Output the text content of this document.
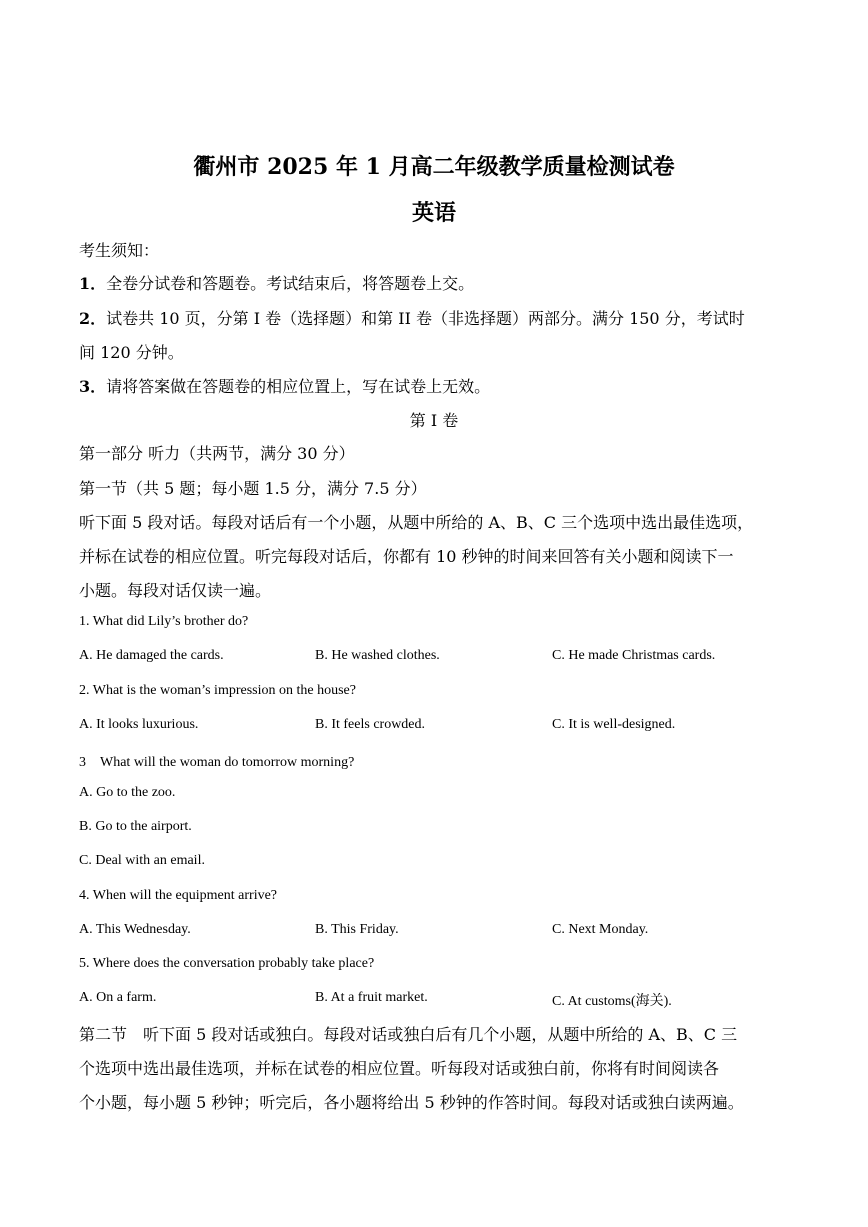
衢州市 2025 年 1 月高二年级教学质量检测试卷
英语
考生须知：
1．全卷分试卷和答题卷。考试结束后，将答题卷上交。
2．试卷共 10 页，分第 I 卷（选择题）和第 II 卷（非选择题）两部分。满分 150 分，考试时
间 120 分钟。
3．请将答案做在答题卷的相应位置上，写在试卷上无效。
第 I 卷
第一部分 听力（共两节，满分 30 分）
第一节（共 5 题；每小题 1.5 分，满分 7.5 分）
听下面 5 段对话。每段对话后有一个小题，从题中所给的 A、B、C 三个选项中选出最佳选项，
并标在试卷的相应位置。听完每段对话后，你都有 10 秒钟的时间来回答有关小题和阅读下一
小题。每段对话仅读一遍。
1. What did Lily’s brother do?
A. He damaged the cards.	B. He washed clothes.	C. He made Christmas cards.
2. What is the woman’s impression on the house?
A. It looks luxurious.	B. It feels crowded.	C. It is well-designed.
3　What will the woman do tomorrow morning?
A. Go to the zoo.
B. Go to the airport.
C. Deal with an email.
4. When will the equipment arrive?
A. This Wednesday.	B. This Friday.	C. Next Monday.
5. Where does the conversation probably take place?
A. On a farm.	B. At a fruit market.	C. At customs(海关).
第二节　听下面 5 段对话或独白。每段对话或独白后有几个小题，从题中所给的 A、B、C 三
个选项中选出最佳选项，并标在试卷的相应位置。听每段对话或独白前，你将有时间阅读各
个小题，每小题 5 秒钟；听完后，各小题将给出 5 秒钟的作答时间。每段对话或独白读两遍。
